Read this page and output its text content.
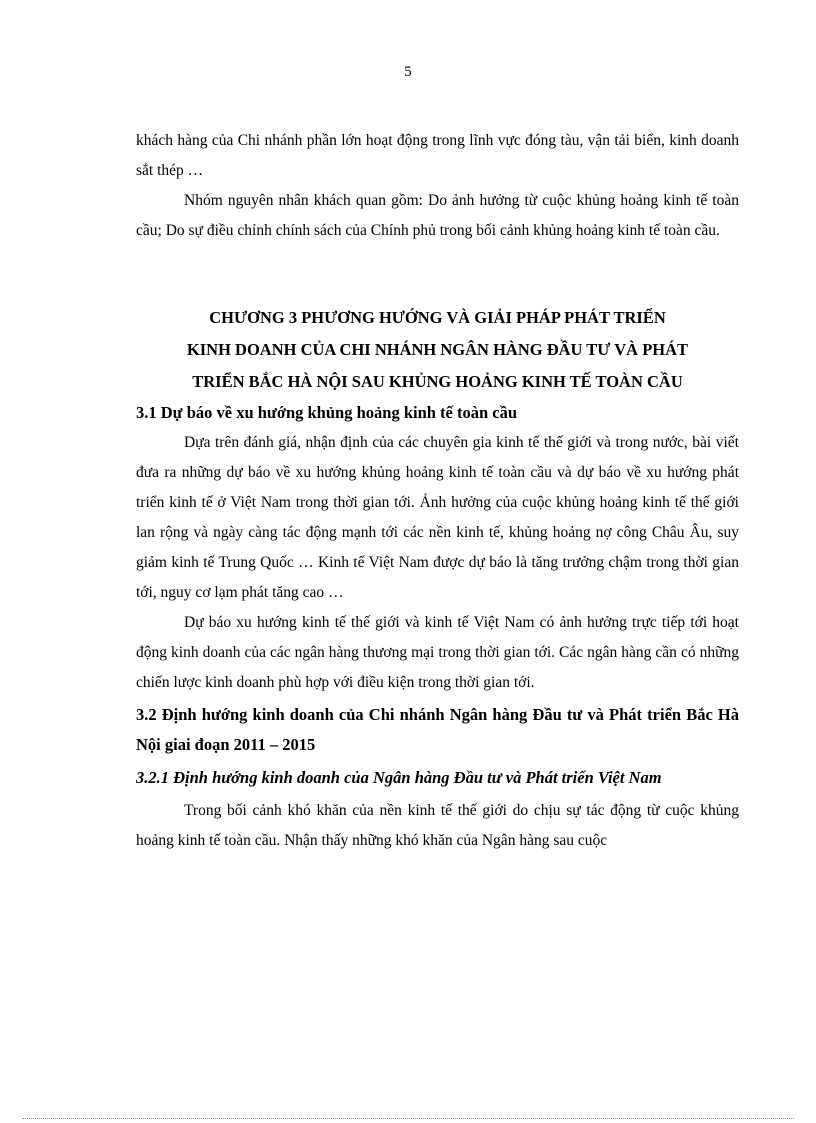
5

khách hàng của Chi nhánh phần lớn hoạt động trong lĩnh vực đóng tàu, vận tải biển, kinh doanh sắt thép …

Nhóm nguyên nhân khách quan gồm: Do ảnh hưởng từ cuộc khủng hoảng kinh tế toàn cầu; Do sự điều chỉnh chính sách của Chính phủ trong bối cảnh khủng hoảng kinh tế toàn cầu.

CHƯƠNG 3 PHƯƠNG HƯỚNG VÀ GIẢI PHÁP PHÁT TRIỂN
KINH DOANH CỦA CHI NHÁNH NGÂN HÀNG ĐẦU TƯ VÀ PHÁT
TRIỂN BẮC HÀ NỘI SAU KHỦNG HOẢNG KINH TẾ TOÀN CẦU
3.1 Dự báo về xu hướng khủng hoảng kinh tế toàn cầu

Dựa trên đánh giá, nhận định của các chuyên gia kinh tế thế giới và trong nước, bài viết đưa ra những dự báo về xu hướng khủng hoảng kinh tế toàn cầu và dự báo về xu hướng phát triển kinh tế ở Việt Nam trong thời gian tới. Ảnh hưởng của cuộc khủng hoảng kinh tế thế giới lan rộng và ngày càng tác động mạnh tới các nền kinh tế, khủng hoảng nợ công Châu Âu, suy giảm kinh tế Trung Quốc … Kinh tế Việt Nam được dự báo là tăng trưởng chậm trong thời gian tới, nguy cơ lạm phát tăng cao …

Dự báo xu hướng kinh tế thế giới và kinh tế Việt Nam có ảnh hưởng trực tiếp tới hoạt động kinh doanh của các ngân hàng thương mại trong thời gian tới. Các ngân hàng cần có những chiến lược kinh doanh phù hợp với điều kiện trong thời gian tới.

3.2 Định hướng kinh doanh của Chi nhánh Ngân hàng Đầu tư và Phát triển Bắc Hà Nội giai đoạn 2011 – 2015
3.2.1 Định hướng kinh doanh của Ngân hàng Đầu tư và Phát triển Việt Nam

Trong bối cảnh khó khăn của nền kinh tế thế giới do chịu sự tác động từ cuộc khủng hoảng kinh tế toàn cầu. Nhận thấy những khó khăn của Ngân hàng sau cuộc
